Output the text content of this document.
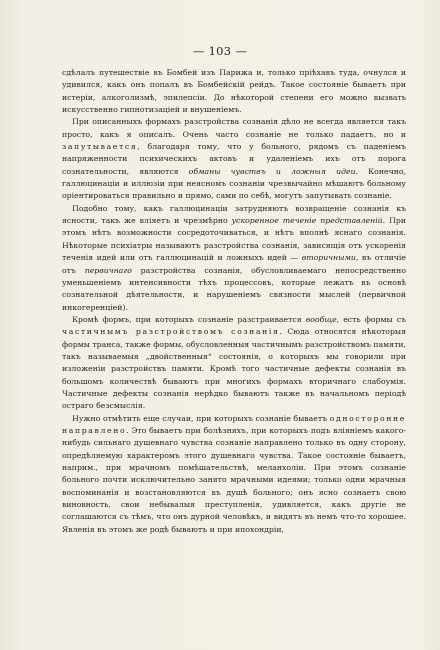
— 103 —

сдѣлалъ путешествіе въ Бомбей изъ Парижа и, только пріѣхавъ туда, очнулся и удивился, какъ онъ попалъ въ Бомбейскій рейдъ. Такое состояніе бываетъ при истеріи, алкоголизмѣ, эпилепсіи. До нѣкоторой степени его можно вызвать искусственно гипнотизаціей и внушеніемъ.

При описанныхъ формахъ разстройства сознанія дѣло не всегда является такъ просто, какъ я описалъ. Очень часто сознаніе не только падаетъ, но и запутывается, благодаря тому, что у больного, рядомъ съ паденіемъ напряженности психическихъ актовъ и удаленіемъ ихъ отъ порога сознательности, являются обманы чувствъ и ложныя идеи. Конечно, галлюцинаціи и иллюзіи при неясномъ сознаніи чрезвычайно мѣшаютъ больному оріентироваться правильно и прямо, сами по себѣ, могутъ запутывать сознаніе.

Подобно тому, какъ галлюцинаціи затрудняютъ возвращеніе сознанія къ ясности, такъ же вліяетъ и чрезмѣрно ускоренное теченіе представленій. При этомъ нѣтъ возможности сосредоточиваться, и нѣтъ вполнѣ яснаго сознанія. Нѣкоторые психіатры называютъ разстройства сознанія, зависящія отъ ускоренія теченія идей или отъ галлюцинацій и ложныхъ идей — вторичными, въ отличіе отъ первичнаго разстройства сознанія, обусловливаемаго непосредственно уменьшеніемъ интенсивности тѣхъ процессовъ, которые лежатъ въ основѣ сознательной дѣятельности, и нарушеніемъ связности мыслей (первичной инкогеренціей).

Кромѣ формъ, при которыхъ сознаніе разстраивается вообще, есть формы съ частичнымъ разстройствомъ сознанія. Сюда относятся нѣкоторыя формы транса, также формы, обусловленныя частичнымъ разстройствомъ памяти, такъ называемыя „двойственныя“ состоянія, о которыхъ мы говорили при изложеніи разстройствъ памяти. Кромѣ того частичные дефекты сознанія въ большомъ количествѣ бываютъ при многихъ формахъ вторичнаго слабоумія. Частичные дефекты сознанія нерѣдко бываютъ также въ начальномъ періодѣ остраго безсмыслія.

Нужно отмѣтить еще случаи, при которыхъ сознаніе бываетъ односторонне направлено. Это бываетъ при болѣзняхъ, при которыхъ подъ вліяніемъ какого-нибудь сильнаго душевнаго чувства сознаніе направлено только въ одну сторону, опредѣляемую характеромъ этого душевнаго чувства. Такое состояніе бываетъ, наприм., при мрачномъ помѣшательствѣ, меланхоліи. При этомъ сознаніе больного почти исключительно занято мрачными идеями; только одни мрачныя воспоминанія и возстановляются въ душѣ больного; онъ ясно сознаетъ свою виновность, свои небывалыя преступленія, удивляется, какъ другіе не соглашаются съ тѣмъ, что онъ дурной человѣкъ, и видятъ въ немъ что-то хорошее. Явленія въ этомъ же родѣ бываютъ и при ипохондріи,
